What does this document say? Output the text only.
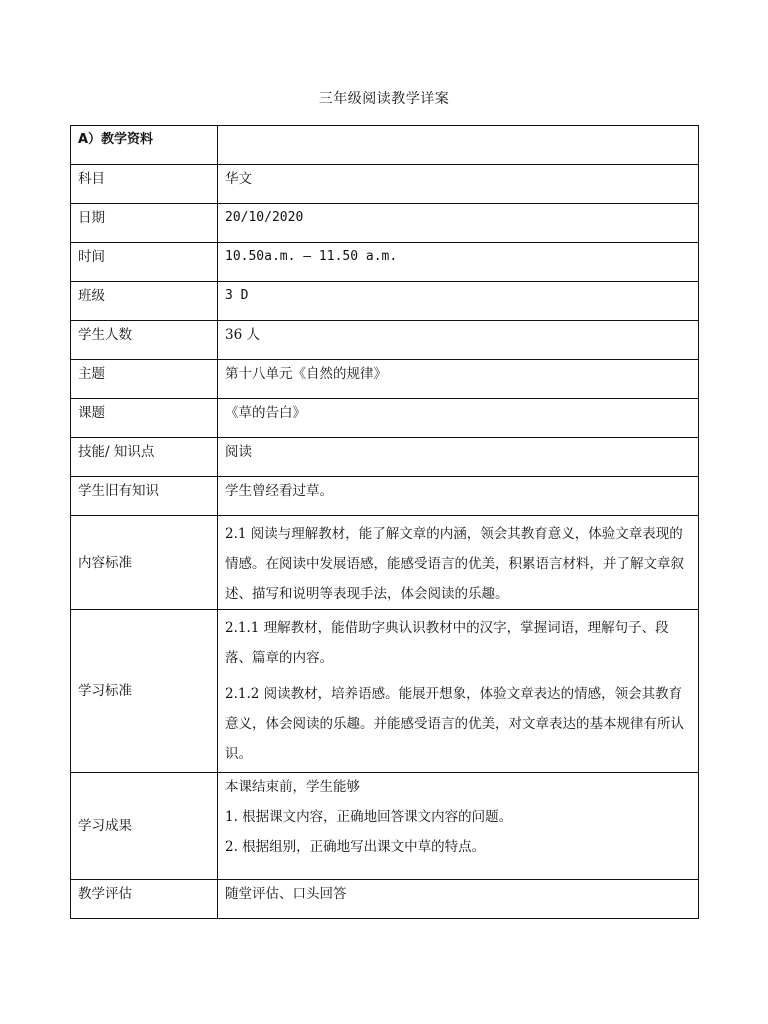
三年级阅读教学详案
A）教学资料	
科目	华文
日期	20/10/2020
时间	10.50a.m. – 11.50 a.m.
班级	3 D
学生人数	36 人
主题	第十八单元《自然的规律》
课题	《草的告白》
技能/ 知识点	阅读
学生旧有知识	学生曾经看过草。
内容标准	2.1 阅读与理解教材，能了解文章的内涵，领会其教育意义，体验文章表现的情感。在阅读中发展语感，能感受语言的优美，积累语言材料，并了解文章叙述、描写和说明等表现手法，体会阅读的乐趣。

学习标准	2.1.1 理解教材，能借助字典认识教材中的汉字，掌握词语，理解句子、段落、篇章的内容。

2.1.2 阅读教材，培养语感。能展开想象，体验文章表达的情感，领会其教育意义，体会阅读的乐趣。并能感受语言的优美，对文章表达的基本规律有所认识。

学习成果	本课结束前，学生能够

1. 根据课文内容，正确地回答课文内容的问题。

2. 根据组别，正确地写出课文中草的特点。

教学评估	随堂评估、口头回答
